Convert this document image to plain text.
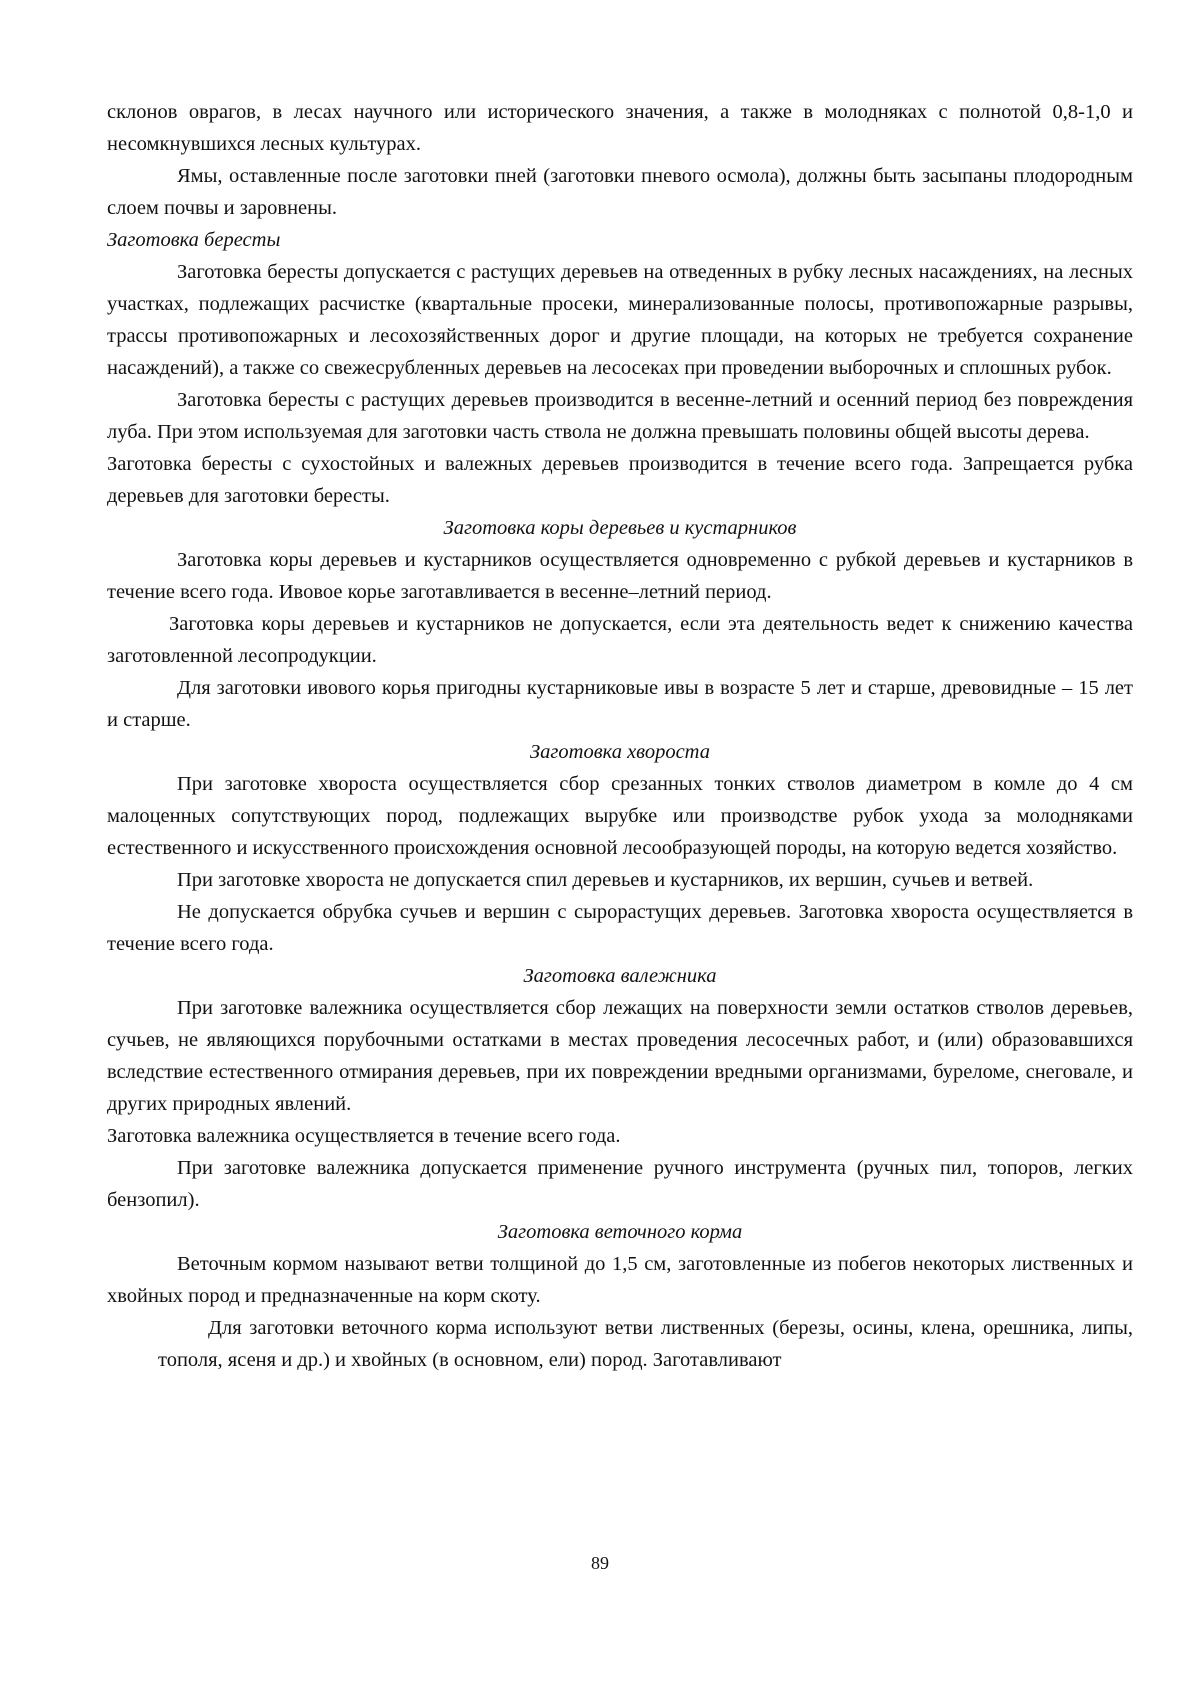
склонов оврагов, в лесах научного или исторического значения, а также в молодняках с полнотой 0,8-1,0 и несомкнувшихся лесных культурах.

Ямы, оставленные после заготовки пней (заготовки пневого осмола), должны быть засыпаны плодородным слоем почвы и заровнены.

Заготовка бересты

Заготовка бересты допускается с растущих деревьев на отведенных в рубку лесных насаждениях, на лесных участках, подлежащих расчистке (квартальные просеки, минерализованные полосы, противопожарные разрывы, трассы противопожарных и лесохозяйственных дорог и другие площади, на которых не требуется сохранение насаждений), а также со свежесрубленных деревьев на лесосеках при проведении выборочных и сплошных рубок.

Заготовка бересты с растущих деревьев производится в весенне-летний и осенний период без повреждения луба. При этом используемая для заготовки часть ствола не должна превышать половины общей высоты дерева.

Заготовка бересты с сухостойных и валежных деревьев производится в течение всего года. Запрещается рубка деревьев для заготовки бересты.

Заготовка коры деревьев и кустарников

Заготовка коры деревьев и кустарников осуществляется одновременно с рубкой деревьев и кустарников в течение всего года. Ивовое корье заготавливается в весенне–летний период.

Заготовка коры деревьев и кустарников не допускается, если эта деятельность ведет к снижению качества заготовленной лесопродукции.

Для заготовки ивового корья пригодны кустарниковые ивы в возрасте 5 лет и старше, древовидные – 15 лет и старше.

Заготовка хвороста

При заготовке хвороста осуществляется сбор срезанных тонких стволов диаметром в комле до 4 см малоценных сопутствующих пород, подлежащих вырубке или производстве рубок ухода за молодняками естественного и искусственного происхождения основной лесообразующей породы, на которую ведется хозяйство.

При заготовке хвороста не допускается спил деревьев и кустарников, их вершин, сучьев и ветвей.

Не допускается обрубка сучьев и вершин с сырорастущих деревьев. Заготовка хвороста осуществляется в течение всего года.

Заготовка валежника

При заготовке валежника осуществляется сбор лежащих на поверхности земли остатков стволов деревьев, сучьев, не являющихся порубочными остатками в местах проведения лесосечных работ, и (или) образовавшихся вследствие естественного отмирания деревьев, при их повреждении вредными организмами, буреломе, снеговале, и других природных явлений.

Заготовка валежника осуществляется в течение всего года.

При заготовке валежника допускается применение ручного инструмента (ручных пил, топоров, легких бензопил).

Заготовка веточного корма

Веточным кормом называют ветви толщиной до 1,5 см, заготовленные из побегов некоторых лиственных и хвойных пород и предназначенные на корм скоту.

Для заготовки веточного корма используют ветви лиственных (березы, осины, клена, орешника, липы, тополя, ясеня и др.) и хвойных (в основном, ели) пород. Заготавливают

89
